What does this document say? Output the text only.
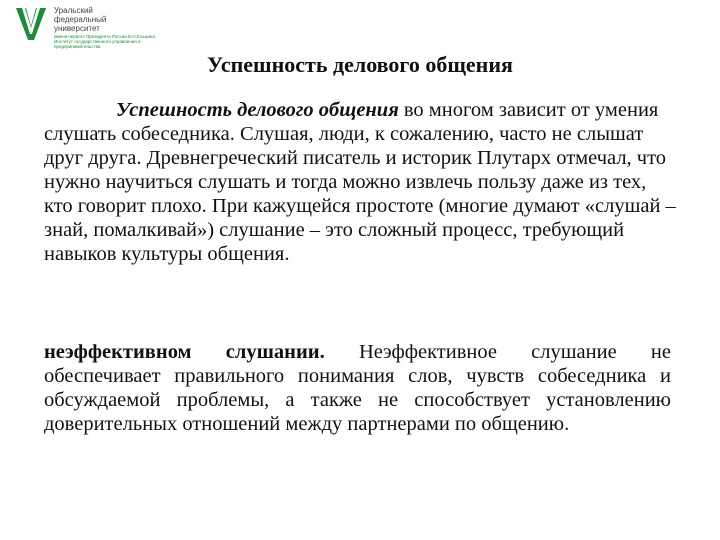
Уральский
федеральный
университет
имени первого Президента России Б.Н.Ельцина
Институт государственного управления и предпринимательства
Успешность делового общения

Успешность делового общения во многом зависит от умения слушать собеседника. Слушая, люди, к сожалению, часто не слышат друг друга. Древнегреческий писатель и историк Плутарх отмечал, что нужно научиться слушать и тогда можно извлечь пользу даже из тех, кто говорит плохо. При кажущейся простоте (многие думают «слушай – знай, помалкивай») слушание – это сложный процесс, требующий навыков культуры общения.

неэффективном слушании. Неэффективное слушание не обеспечивает правильного понимания слов, чувств собеседника и обсуждаемой проблемы, а также не способствует установлению доверительных отношений между партнерами по общению.
